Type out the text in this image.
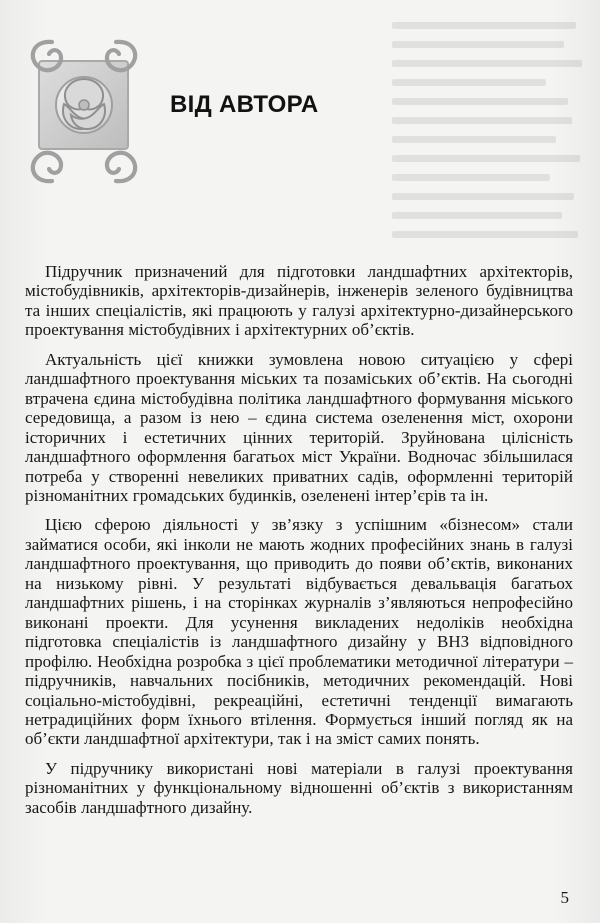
ВІД АВТОРА

Підручник призначений для підготовки ландшафтних архітекторів, містобудівників, архітекторів-дизайнерів, інженерів зеленого будівництва та інших спеціалістів, які працюють у галузі архітектурно-дизайнерського проектування містобудівних і архітектурних об’єктів.

Актуальність цієї книжки зумовлена новою ситуацією у сфері ландшафтного проектування міських та позаміських об’єктів. На сьогодні втрачена єдина містобудівна політика ландшафтного формування міського середовища, а разом із нею – єдина система озеленення міст, охорони історичних і естетичних цінних територій. Зруйнована цілісність ландшафтного оформлення багатьох міст України. Водночас збільшилася потреба у створенні невеликих приватних садів, оформленні територій різноманітних громадських будинків, озеленені інтер’єрів та ін.

Цією сферою діяльності у зв’язку з успішним «бізнесом» стали займатися особи, які інколи не мають жодних професійних знань в галузі ландшафтного проектування, що приводить до появи об’єктів, виконаних на низькому рівні. У результаті відбувається девальвація багатьох ландшафтних рішень, і на сторінках журналів з’являються непрофесійно виконані проекти. Для усунення викладених недоліків необхідна підготовка спеціалістів із ландшафтного дизайну у ВНЗ відповідного профілю. Необхідна розробка з цієї проблематики методичної літератури – підручників, навчальних посібників, методичних рекомендацій. Нові соціально-містобудівні, рекреаційні, естетичні тенденції вимагають нетрадиційних форм їхнього втілення. Формується інший погляд як на об’єкти ландшафтної архітектури, так і на зміст самих понять.

У підручнику використані нові матеріали в галузі проектування різноманітних у функціональному відношенні об’єктів з використанням засобів ландшафтного дизайну.

5
